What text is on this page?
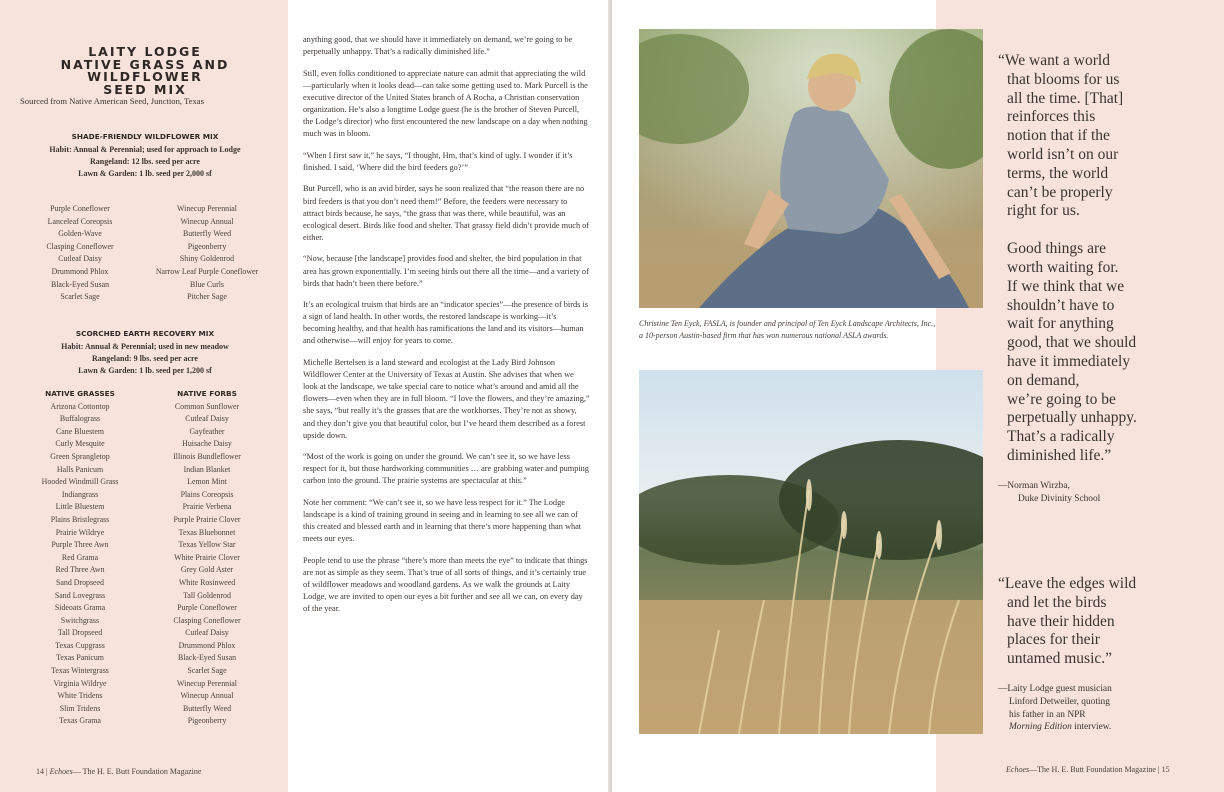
LAITY LODGE
NATIVE GRASS AND
WILDFLOWER
SEED MIX
Sourced from Native American Seed, Junction, Texas
SHADE-FRIENDLY WILDFLOWER MIX
Habit: Annual & Perennial; used for approach to Lodge
Rangeland: 12 lbs. seed per acre
Lawn & Garden: 1 lb. seed per 2,000 sf
Purple Coneflower
Lanceleaf Coreopsis
Golden-Wave
Clasping Coneflower
Cutleaf Daisy
Drummond Phlox
Black-Eyed Susan
Scarlet Sage
Winecup Perennial
Winecup Annual
Butterfly Weed
Pigeonberry
Shiny Goldenrod
Narrow Leaf Purple Coneflower
Blue Curls
Pitcher Sage
SCORCHED EARTH RECOVERY MIX
Habit: Annual & Perennial; used in new meadow
Rangeland: 9 lbs. seed per acre
Lawn & Garden: 1 lb. seed per 1,200 sf
NATIVE GRASSES
Arizona Cottontop
Buffalograss
Cane Bluestem
Curly Mesquite
Green Sprangletop
Halls Panicum
Hooded Windmill Grass
Indiangrass
Little Bluestem
Plains Bristlegrass
Prairie Wildrye
Purple Three Awn
Red Grama
Red Three Awn
Sand Dropseed
Sand Lovegrass
Sideoats Grama
Switchgrass
Tall Dropseed
Texas Cupgrass
Texas Panicum
Texas Wintergrass
Virginia Wildrye
White Tridens
Slim Tridens
Texas Grama
NATIVE FORBS
Common Sunflower
Cutleaf Daisy
Gayfeather
Huisache Daisy
Illinois Bundleflower
Indian Blanket
Lemon Mint
Plains Coreopsis
Prairie Verbena
Purple Prairie Clover
Texas Bluebonnet
Texas Yellow Star
White Prairie Clover
Grey Gold Aster
White Rosinweed
Tall Goldenrod
Purple Coneflower
Clasping Coneflower
Cutleaf Daisy
Drummond Phlox
Black-Eyed Susan
Scarlet Sage
Winecup Perennial
Winecup Annual
Butterfly Weed
Pigeonberry

anything good, that we should have it immediately on demand, we’re going to be perpetually unhappy. That’s a radically diminished life.”

Still, even folks conditioned to appreciate nature can admit that appreciating the wild—particularly when it looks dead—can take some getting used to. Mark Purcell is the executive director of the United States branch of A Rocha, a Christian conservation organization. He’s also a longtime Lodge guest (he is the brother of Steven Purcell, the Lodge’s director) who first encountered the new landscape on a day when nothing much was in bloom.

“When I first saw it,” he says, “I thought, Hm, that’s kind of ugly. I wonder if it’s finished. I said, ‘Where did the bird feeders go?’”

But Purcell, who is an avid birder, says he soon realized that “the reason there are no bird feeders is that you don’t need them!” Before, the feeders were necessary to attract birds because, he says, “the grass that was there, while beautiful, was an ecological desert. Birds like food and shelter. That grassy field didn’t provide much of either.

“Now, because [the landscape] provides food and shelter, the bird population in that area has grown exponentially. I’m seeing birds out there all the time—and a variety of birds that hadn’t been there before.”

It’s an ecological truism that birds are an “indicator species”—the presence of birds is a sign of land health. In other words, the restored landscape is working—it’s becoming healthy, and that health has ramifications the land and its visitors—human and otherwise—will enjoy for years to come.

Michelle Bertelsen is a land steward and ecologist at the Lady Bird Johnson Wildflower Center at the University of Texas at Austin. She advises that when we look at the landscape, we take special care to notice what’s around and amid all the flowers—even when they are in full bloom. “I love the flowers, and they’re amazing,” she says, “but really it’s the grasses that are the workhorses. They’re not as showy, and they don’t give you that beautiful color, but I’ve heard them described as a forest upside down.

“Most of the work is going on under the ground. We can’t see it, so we have less respect for it, but those hardworking communities … are grabbing water and pumping carbon into the ground. The prairie systems are spectacular at this.”

Note her comment: “We can’t see it, so we have less respect for it.” The Lodge landscape is a kind of training ground in seeing and in learning to see all we can of this created and blessed earth and in learning that there’s more happening than what meets our eyes.

People tend to use the phrase “there’s more than meets the eye” to indicate that things are not as simple as they seem. That’s true of all sorts of things, and it’s certainly true of wildflower meadows and woodland gardens. As we walk the grounds at Laity Lodge, we are invited to open our eyes a bit further and see all we can, on every day of the year.

14 | Echoes— The H. E. Butt Foundation Magazine
Christine Ten Eyck, FASLA, is founder and principal of Ten Eyck Landscape Architects, Inc., a 10-person Austin-based firm that has won numerous national ASLA awards.
“We want a world
that blooms for us
all the time. [That]
reinforces this
notion that if the
world isn’t on our
terms, the world
can’t be properly
right for us.
Good things are
worth waiting for.
If we think that we
shouldn’t have to
wait for anything
good, that we should
have it immediately
on demand,
we’re going to be
perpetually unhappy.
That’s a radically
diminished life.”
—Norman Wirzba,
Duke Divinity School
“Leave the edges wild
and let the birds
have their hidden
places for their
untamed music.”
—Laity Lodge guest musician
Linford Detweiler, quoting
his father in an NPR
Morning Edition interview.
Echoes—The H. E. Butt Foundation Magazine | 15
